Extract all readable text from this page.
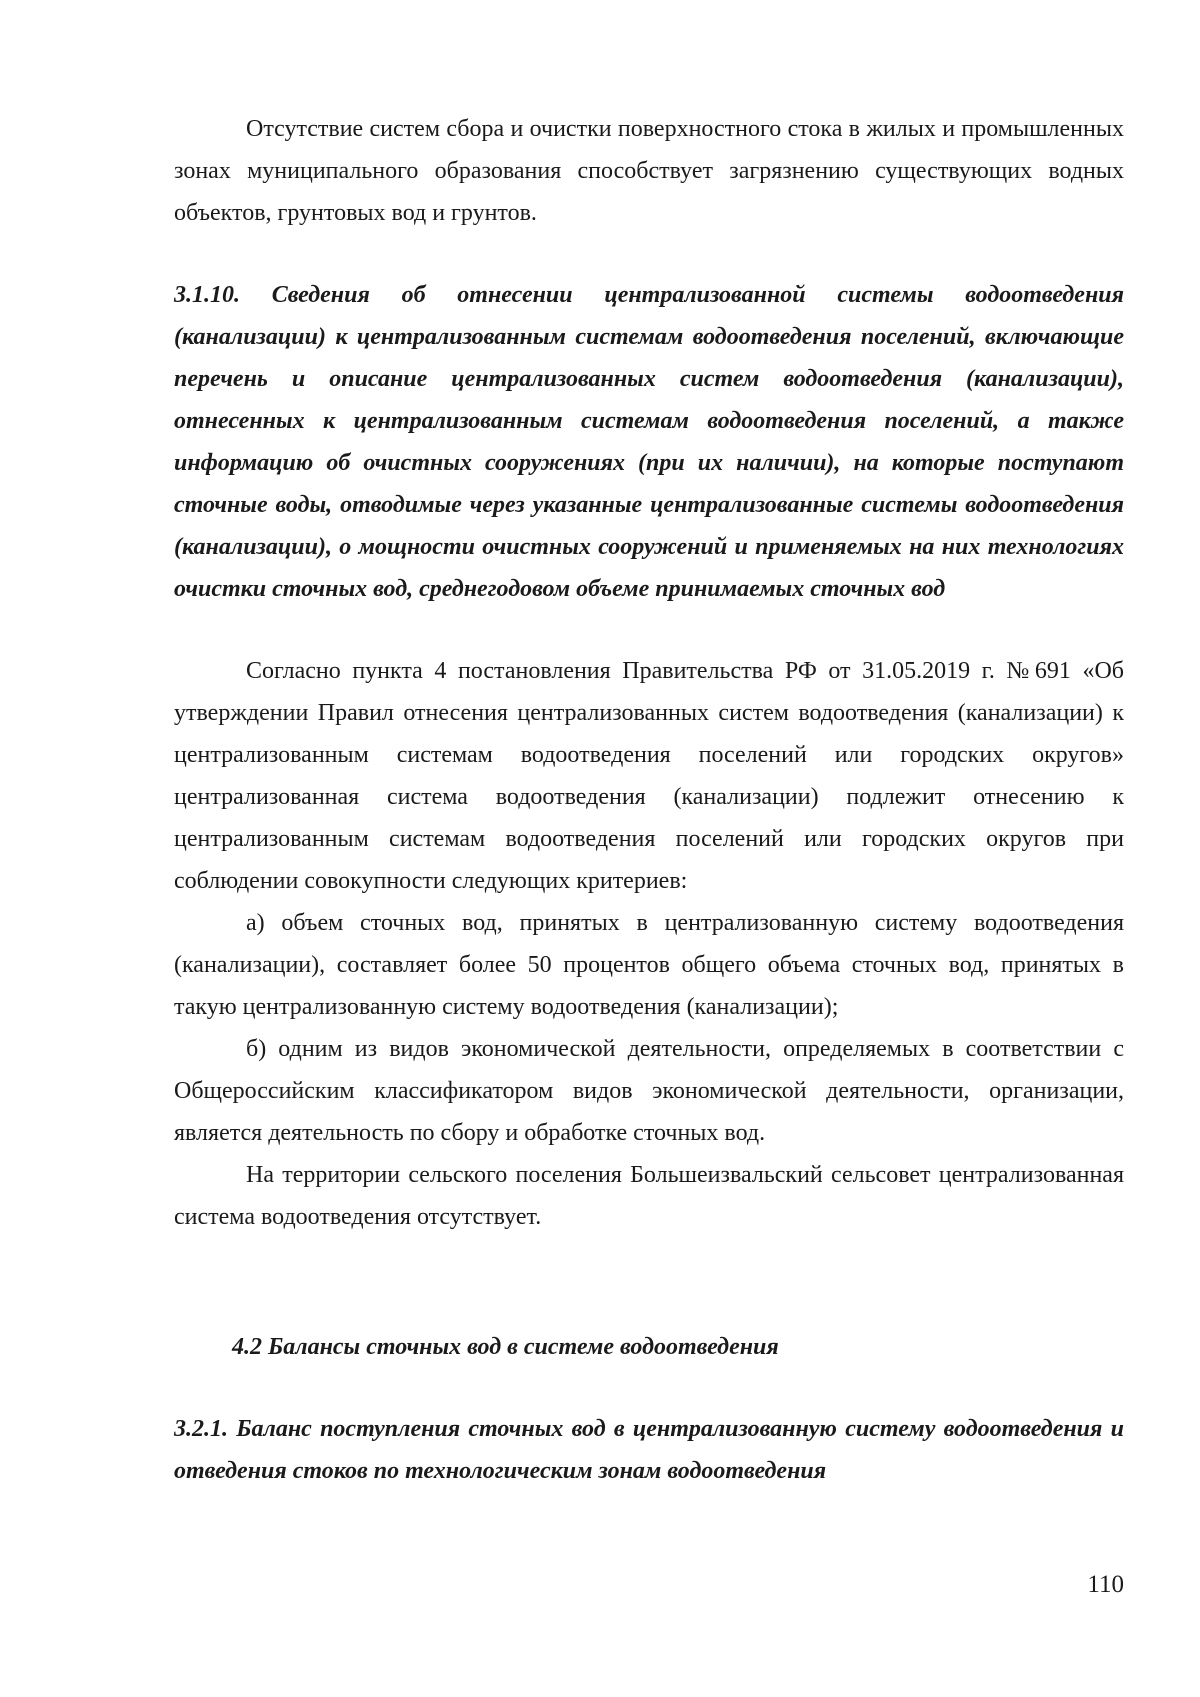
Отсутствие систем сбора и очистки поверхностного стока в жилых и промышленных зонах муниципального образования способствует загрязнению существующих водных объектов, грунтовых вод и грунтов.

3.1.10. Сведения об отнесении централизованной системы водоотведения (канализации) к централизованным системам водоотведения поселений, включающие перечень и описание централизованных систем водоотведения (канализации), отнесенных к централизованным системам водоотведения поселений, а также информацию об очистных сооружениях (при их наличии), на которые поступают сточные воды, отводимые через указанные централизованные системы водоотведения (канализации), о мощности очистных сооружений и применяемых на них технологиях очистки сточных вод, среднегодовом объеме принимаемых сточных вод

Согласно пункта 4 постановления Правительства РФ от 31.05.2019 г. №691 «Об утверждении Правил отнесения централизованных систем водоотведения (канализации) к централизованным системам водоотведения поселений или городских округов» централизованная система водоотведения (канализации) подлежит отнесению к централизованным системам водоотведения поселений или городских округов при соблюдении совокупности следующих критериев:

а) объем сточных вод, принятых в централизованную систему водоотведения (канализации), составляет более 50 процентов общего объема сточных вод, принятых в такую централизованную систему водоотведения (канализации);

б) одним из видов экономической деятельности, определяемых в соответствии с Общероссийским классификатором видов экономической деятельности, организации, является деятельность по сбору и обработке сточных вод.

На территории сельского поселения Большеизвальский сельсовет централизованная система водоотведения отсутствует.

4.2 Балансы сточных вод в системе водоотведения

3.2.1. Баланс поступления сточных вод в централизованную систему водоотведения и отведения стоков по технологическим зонам водоотведения

110
